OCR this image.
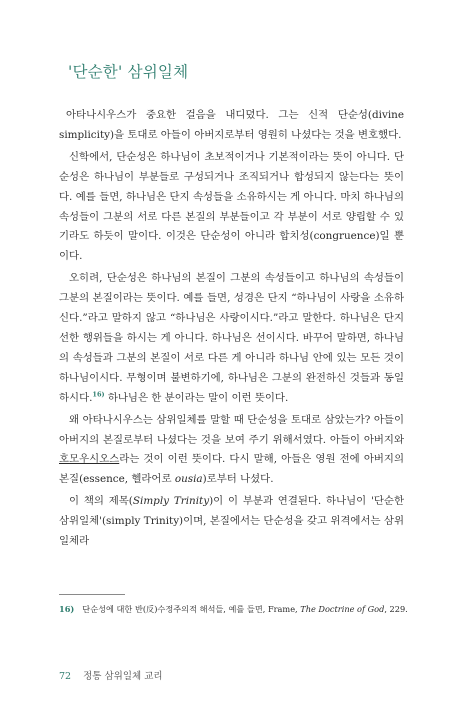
'단순한' 삼위일체

아타나시우스가 중요한 걸음을 내디뎠다. 그는 신적 단순성(divine simplicity)을 토대로 아들이 아버지로부터 영원히 나셨다는 것을 변호했다.

신학에서, 단순성은 하나님이 초보적이거나 기본적이라는 뜻이 아니다. 단순성은 하나님이 부분들로 구성되거나 조직되거나 합성되지 않는다는 뜻이다. 예를 들면, 하나님은 단지 속성들을 소유하시는 게 아니다. 마치 하나님의 속성들이 그분의 서로 다른 본질의 부분들이고 각 부분이 서로 양립할 수 있기라도 하듯이 말이다. 이것은 단순성이 아니라 합치성(congruence)일 뿐이다.

오히려, 단순성은 하나님의 본질이 그분의 속성들이고 하나님의 속성들이 그분의 본질이라는 뜻이다. 예를 들면, 성경은 단지 “하나님이 사랑을 소유하신다.”라고 말하지 않고 “하나님은 사랑이시다.”라고 말한다. 하나님은 단지 선한 행위들을 하시는 게 아니다. 하나님은 선이시다. 바꾸어 말하면, 하나님의 속성들과 그분의 본질이 서로 다른 게 아니라 하나님 안에 있는 모든 것이 하나님이시다. 무형이며 불변하기에, 하나님은 그분의 완전하신 것들과 동일하시다.$^{16)}$ 하나님은 한 분이라는 말이 이런 뜻이다.

왜 아타나시우스는 삼위일체를 말할 때 단순성을 토대로 삼았는가? 아들이 아버지의 본질로부터 나셨다는 것을 보여 주기 위해서였다. 아들이 아버지와 호모우시오스라는 것이 이런 뜻이다. 다시 말해, 아들은 영원 전에 아버지의 본질(essence, 헬라어로 ousia)로부터 나셨다.

이 책의 제목(Simply Trinity)이 이 부분과 연결된다. 하나님이 '단순한 삼위일체'(simply Trinity)이며, 본질에서는 단순성을 갖고 위격에서는 삼위일체라

16) 단순성에 대한 반(反)수정주의적 해석들, 예를 들면, Frame, The Doctrine of God, 229.
72 정통 삼위일체 교리
